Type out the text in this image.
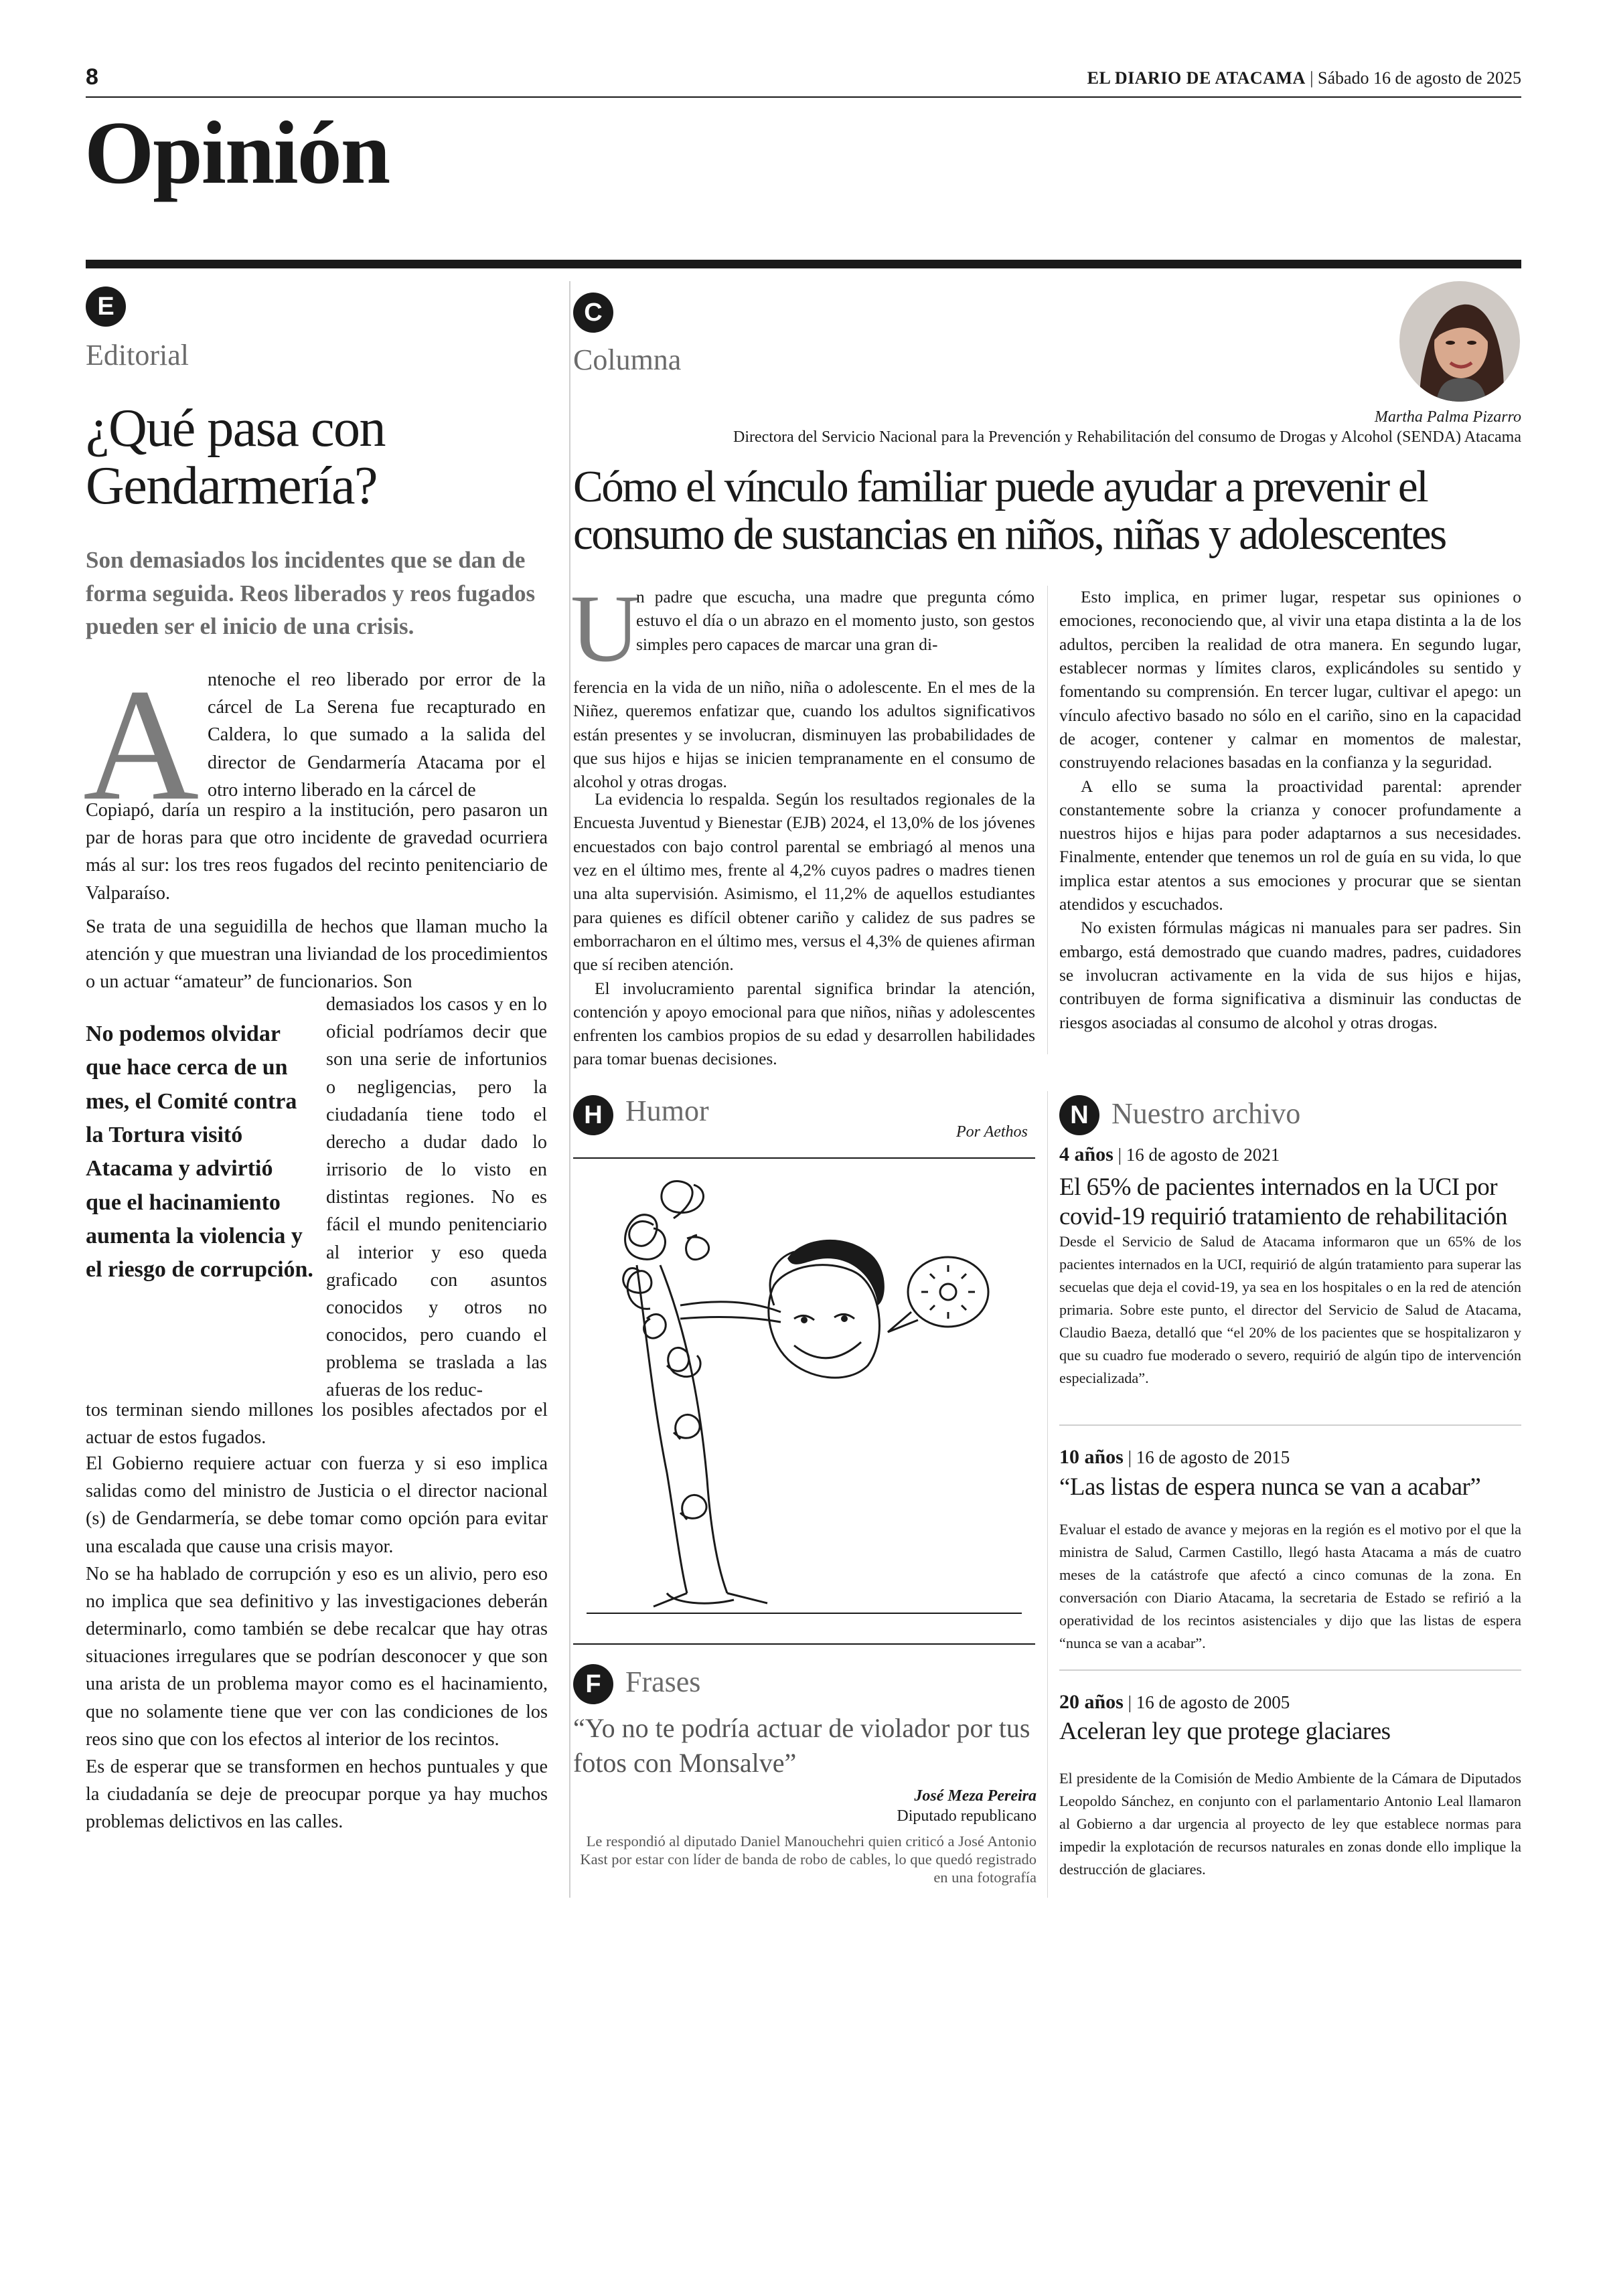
8	EL DIARIO DE ATACAMA | Sábado 16 de agosto de 2025
Opinión
E
Editorial
¿Qué pasa con Gendarmería?

Son demasiados los incidentes que se dan de forma seguida. Reos liberados y reos fugados pueden ser el inicio de una crisis.

A ntenoche el reo liberado por error de la cárcel de La Serena fue recapturado en Caldera, lo que sumado a la salida del director de Gendarmería Atacama por el otro interno liberado en la cárcel de

Copiapó, daría un respiro a la institución, pero pasaron un par de horas para que otro incidente de gravedad ocurriera más al sur: los tres reos fugados del recinto penitenciario de Valparaíso.

Se trata de una seguidilla de hechos que llaman mucho la atención y que muestran una liviandad de los procedimientos o un actuar “amateur” de funcionarios. Son

demasiados los casos y en lo oficial podríamos decir que son una serie de infortunios o negligencias, pero la ciudadanía tiene todo el derecho a dudar dado lo irrisorio de lo visto en distintas regiones. No es fácil el mundo penitenciario al interior y eso queda graficado con asuntos conocidos y otros no conocidos, pero cuando el problema se traslada a las afueras de los reduc-

No podemos olvidar que hace cerca de un mes, el Comité contra la Tortura visitó Atacama y advirtió que el hacinamiento aumenta la violencia y el riesgo de corrupción.

tos terminan siendo millones los posibles afectados por el actuar de estos fugados.

El Gobierno requiere actuar con fuerza y si eso implica salidas como del ministro de Justicia o el director nacional (s) de Gendarmería, se debe tomar como opción para evitar una escalada que cause una crisis mayor.

No se ha hablado de corrupción y eso es un alivio, pero eso no implica que sea definitivo y las investigaciones deberán determinarlo, como también se debe recalcar que hay otras situaciones irregulares que se podrían desconocer y que son una arista de un problema mayor como es el hacinamiento, que no solamente tiene que ver con las condiciones de los reos sino que con los efectos al interior de los recintos.

Es de esperar que se transformen en hechos puntuales y que la ciudadanía se deje de preocupar porque ya hay muchos problemas delictivos en las calles.

C
Columna
Martha Palma Pizarro
Directora del Servicio Nacional para la Prevención y Rehabilitación del consumo de Drogas y Alcohol (SENDA) Atacama
Cómo el vínculo familiar puede ayudar a prevenir el consumo de sustancias en niños, niñas y adolescentes
U

n padre que escucha, una madre que pregunta cómo estuvo el día o un abrazo en el momento justo, son gestos simples pero capaces de marcar una gran di-

ferencia en la vida de un niño, niña o adolescente. En el mes de la Niñez, queremos enfatizar que, cuando los adultos significativos están presentes y se involucran, disminuyen las probabilidades de que sus hijos e hijas se inicien tempranamente en el consumo de alcohol y otras drogas.

La evidencia lo respalda. Según los resultados regionales de la Encuesta Juventud y Bienestar (EJB) 2024, el 13,0% de los jóvenes encuestados con bajo control parental se embriagó al menos una vez en el último mes, frente al 4,2% cuyos padres o madres tienen una alta supervisión. Asimismo, el 11,2% de aquellos estudiantes para quienes es difícil obtener cariño y calidez de sus padres se emborracharon en el último mes, versus el 4,3% de quienes afirman que sí reciben atención.

El involucramiento parental significa brindar la atención, contención y apoyo emocional para que niños, niñas y adolescentes enfrenten los cambios propios de su edad y desarrollen habilidades para tomar buenas decisiones.

Esto implica, en primer lugar, respetar sus opiniones o emociones, reconociendo que, al vivir una etapa distinta a la de los adultos, perciben la realidad de otra manera. En segundo lugar, establecer normas y límites claros, explicándoles su sentido y fomentando su comprensión. En tercer lugar, cultivar el apego: un vínculo afectivo basado no sólo en el cariño, sino en la capacidad de acoger, contener y calmar en momentos de malestar, construyendo relaciones basadas en la confianza y la seguridad.

A ello se suma la proactividad parental: aprender constantemente sobre la crianza y conocer profundamente a nuestros hijos e hijas para poder adaptarnos a sus necesidades. Finalmente, entender que tenemos un rol de guía en su vida, lo que implica estar atentos a sus emociones y procurar que se sientan atendidos y escuchados.

No existen fórmulas mágicas ni manuales para ser padres. Sin embargo, está demostrado que cuando madres, padres, cuidadores se involucran activamente en la vida de sus hijos e hijas, contribuyen de forma significativa a disminuir las conductas de riesgos asociadas al consumo de alcohol y otras drogas.

H Humor
Por Aethos
F Frases

“Yo no te podría actuar de violador por tus fotos con Monsalve”

José Meza Pereira
Diputado republicano

Le respondió al diputado Daniel Manouchehri quien criticó a José Antonio Kast por estar con líder de banda de robo de cables, lo que quedó registrado en una fotografía

N Nuestro archivo
4 años | 16 de agosto de 2021
El 65% de pacientes internados en la UCI por covid-19 requirió tratamiento de rehabilitación

Desde el Servicio de Salud de Atacama informaron que un 65% de los pacientes internados en la UCI, requirió de algún tratamiento para superar las secuelas que deja el covid-19, ya sea en los hospitales o en la red de atención primaria. Sobre este punto, el director del Servicio de Salud de Atacama, Claudio Baeza, detalló que “el 20% de los pacientes que se hospitalizaron y que su cuadro fue moderado o severo, requirió de algún tipo de intervención especializada”.

10 años | 16 de agosto de 2015
“Las listas de espera nunca se van a acabar”

Evaluar el estado de avance y mejoras en la región es el motivo por el que la ministra de Salud, Carmen Castillo, llegó hasta Atacama a más de cuatro meses de la catástrofe que afectó a cinco comunas de la zona. En conversación con Diario Atacama, la secretaria de Estado se refirió a la operatividad de los recintos asistenciales y dijo que las listas de espera “nunca se van a acabar”.

20 años | 16 de agosto de 2005
Aceleran ley que protege glaciares

El presidente de la Comisión de Medio Ambiente de la Cámara de Diputados Leopoldo Sánchez, en conjunto con el parlamentario Antonio Leal llamaron al Gobierno a dar urgencia al proyecto de ley que establece normas para impedir la explotación de recursos naturales en zonas donde ello implique la destrucción de glaciares.
